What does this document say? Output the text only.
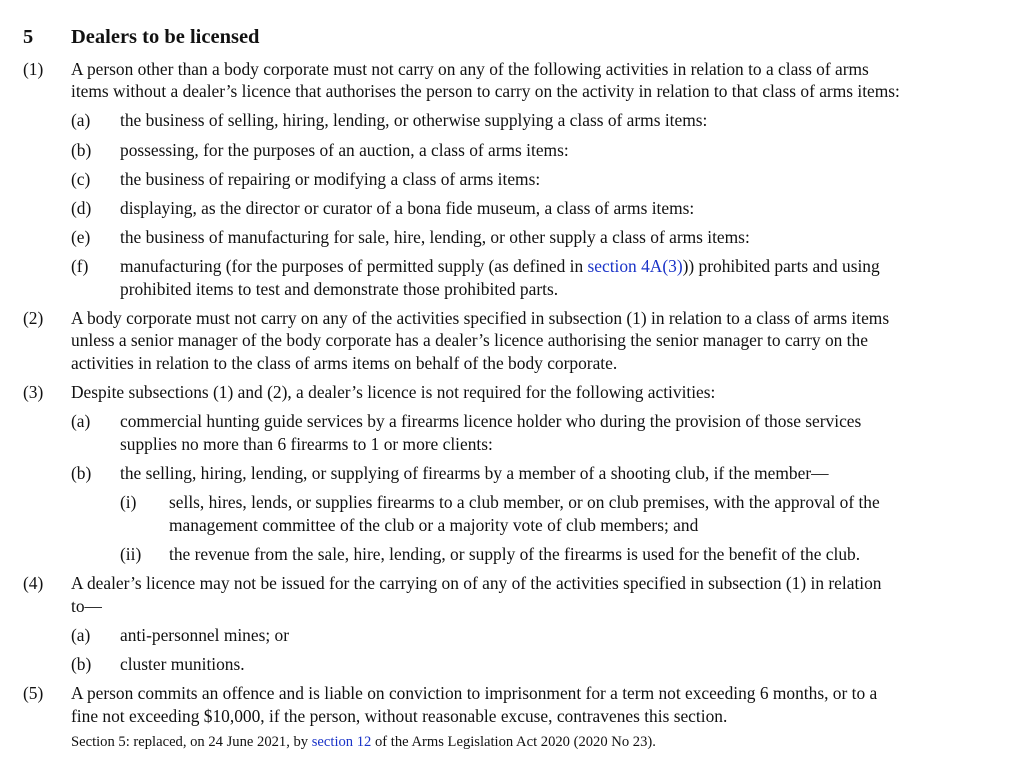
5 Dealers to be licensed
(1) A person other than a body corporate must not carry on any of the following activities in relation to a class of arms
items without a dealer’s licence that authorises the person to carry on the activity in relation to that class of arms items:
(a) the business of selling, hiring, lending, or otherwise supplying a class of arms items:
(b) possessing, for the purposes of an auction, a class of arms items:
(c) the business of repairing or modifying a class of arms items:
(d) displaying, as the director or curator of a bona fide museum, a class of arms items:
(e) the business of manufacturing for sale, hire, lending, or other supply a class of arms items:
(f) manufacturing (for the purposes of permitted supply (as defined in section 4A(3))) prohibited parts and using
prohibited items to test and demonstrate those prohibited parts.
(2) A body corporate must not carry on any of the activities specified in subsection (1) in relation to a class of arms items
unless a senior manager of the body corporate has a dealer’s licence authorising the senior manager to carry on the
activities in relation to the class of arms items on behalf of the body corporate.
(3) Despite subsections (1) and (2), a dealer’s licence is not required for the following activities:
(a) commercial hunting guide services by a firearms licence holder who during the provision of those services
supplies no more than 6 firearms to 1 or more clients:
(b) the selling, hiring, lending, or supplying of firearms by a member of a shooting club, if the member—
(i) sells, hires, lends, or supplies firearms to a club member, or on club premises, with the approval of the
management committee of the club or a majority vote of club members; and
(ii) the revenue from the sale, hire, lending, or supply of the firearms is used for the benefit of the club.
(4) A dealer’s licence may not be issued for the carrying on of any of the activities specified in subsection (1) in relation
to—
(a) anti-personnel mines; or
(b) cluster munitions.
(5) A person commits an offence and is liable on conviction to imprisonment for a term not exceeding 6 months, or to a
fine not exceeding $10,000, if the person, without reasonable excuse, contravenes this section.
Section 5: replaced, on 24 June 2021, by section 12 of the Arms Legislation Act 2020 (2020 No 23).
